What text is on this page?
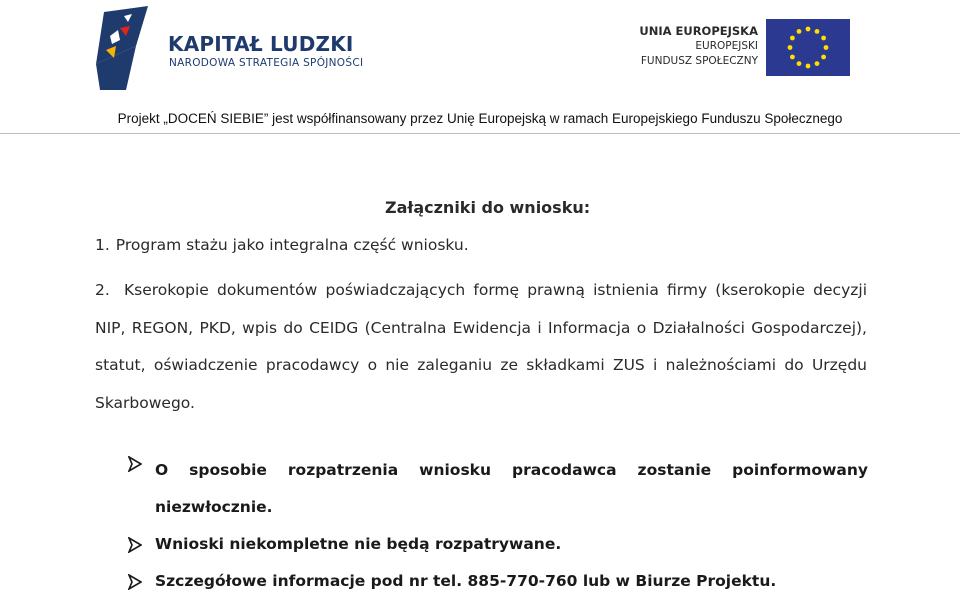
KAPITAŁ LUDZKI
NARODOWA STRATEGIA SPÓJNOŚCI
UNIA EUROPEJSKA
EUROPEJSKI
FUNDUSZ SPOŁECZNY
Projekt „DOCEŃ SIEBIE” jest współfinansowany przez Unię Europejską w ramach Europejskiego Funduszu Społecznego
Załączniki do wniosku:
1. Program stażu jako integralna część wniosku.
2. Kserokopie dokumentów poświadczających formę prawną istnienia firmy (kserokopie decyzji NIP, REGON, PKD, wpis do CEIDG (Centralna Ewidencja i Informacja o Działalności Gospodarczej), statut, oświadczenie pracodawcy o nie zaleganiu ze składkami ZUS i należnościami do Urzędu Skarbowego.
O sposobie rozpatrzenia wniosku pracodawca zostanie poinformowany niezwłocznie.
Wnioski niekompletne nie będą rozpatrywane.
Szczegółowe informacje pod nr tel. 885-770-760 lub w Biurze Projektu.
